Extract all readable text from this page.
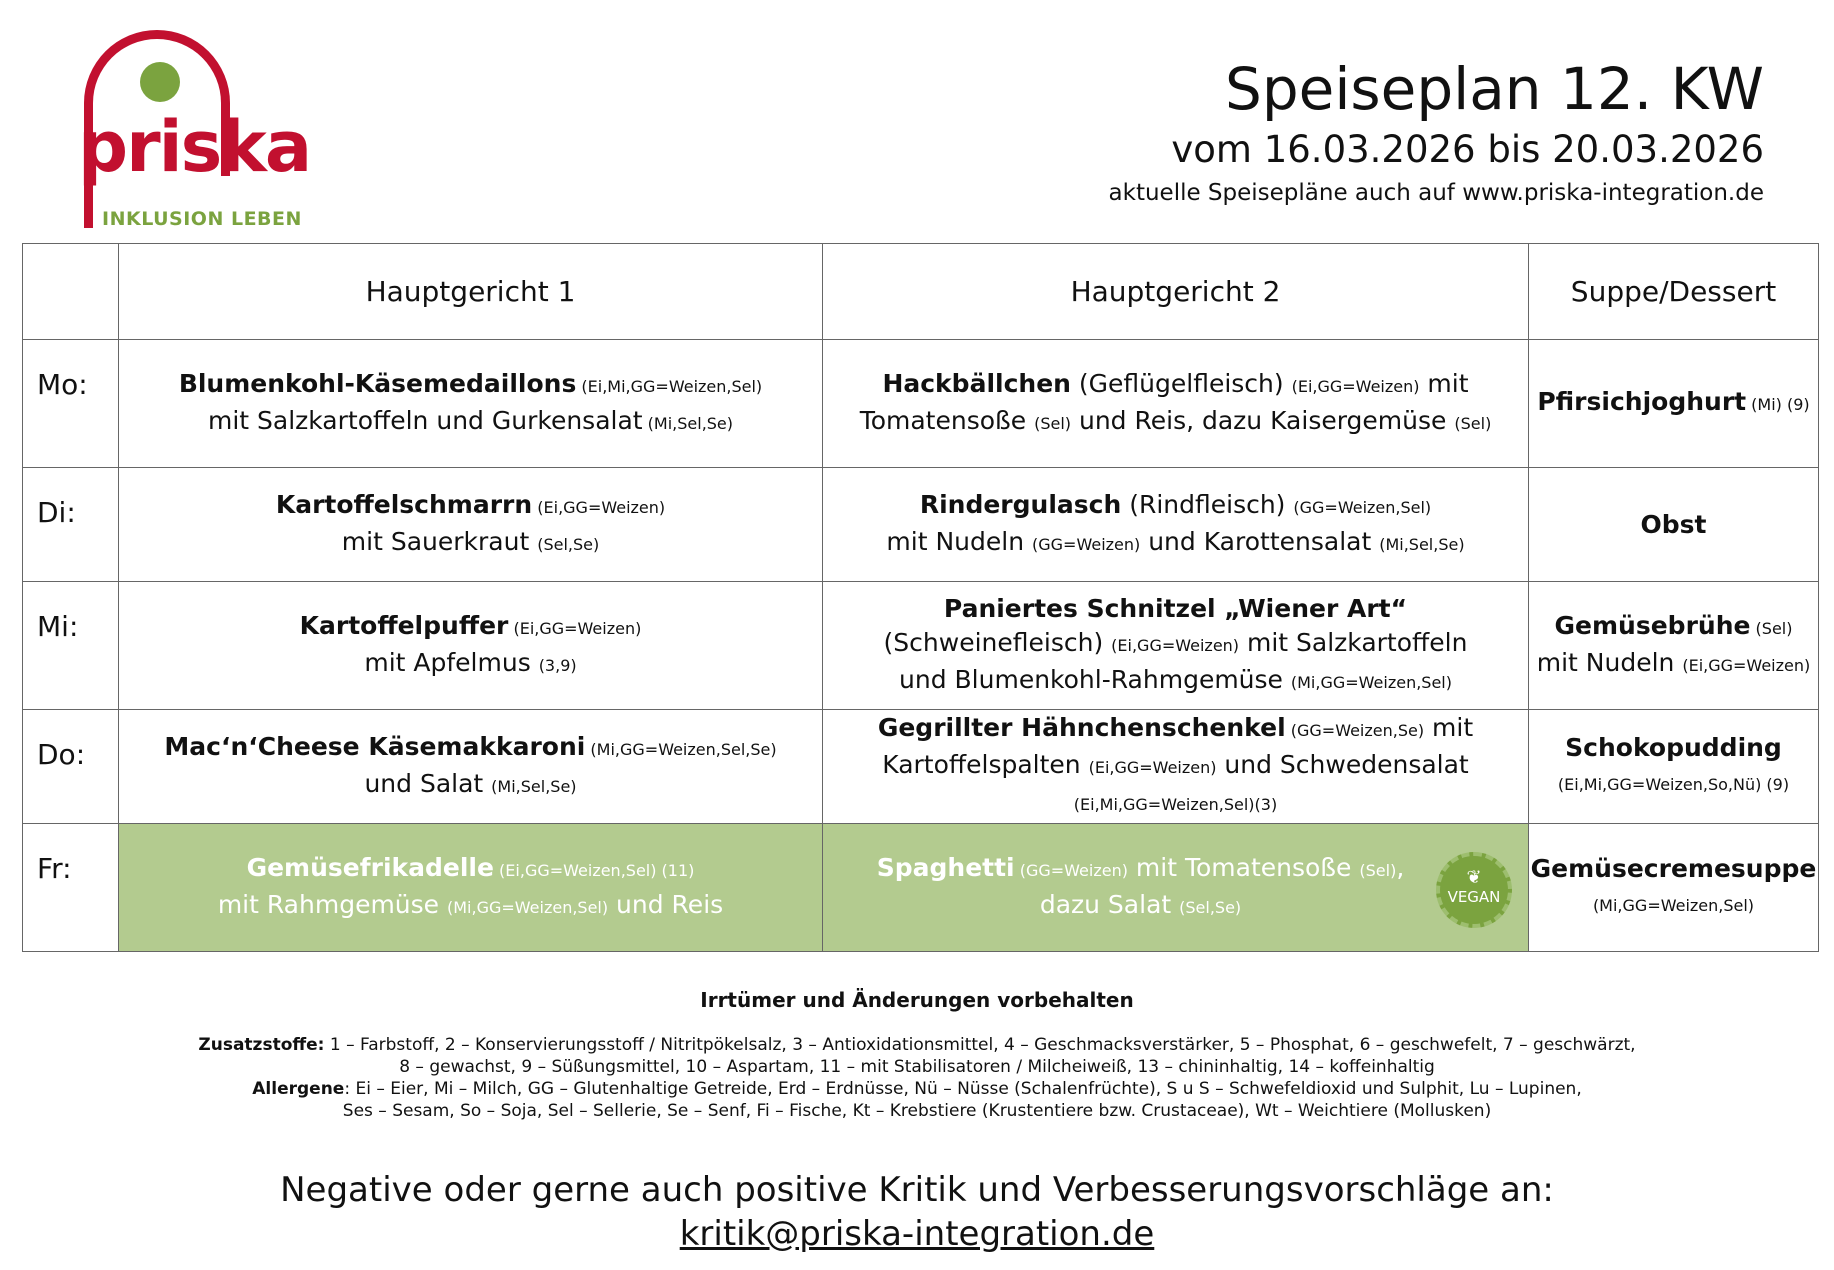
priska
INKLUSION LEBEN
Speiseplan 12. KW
vom 16.03.2026 bis 20.03.2026
aktuelle Speisepläne auch auf www.priska-integration.de
	Hauptgericht 1	Hauptgericht 2	Suppe/Dessert
Mo:	Blumenkohl-Käsemedaillons (Ei,Mi,GG=Weizen,Sel)
mit Salzkartoffeln und Gurkensalat (Mi,Sel,Se)	Hackbällchen (Geflügelfleisch) (Ei,GG=Weizen) mit
Tomatensoße (Sel) und Reis, dazu Kaisergemüse (Sel)	Pfirsichjoghurt (Mi) (9)
Di:	Kartoffelschmarrn (Ei,GG=Weizen)
mit Sauerkraut (Sel,Se)	Rindergulasch (Rindfleisch) (GG=Weizen,Sel)
mit Nudeln (GG=Weizen) und Karottensalat (Mi,Sel,Se)	Obst
Mi:	Kartoffelpuffer (Ei,GG=Weizen)
mit Apfelmus (3,9)	Paniertes Schnitzel „Wiener Art“
(Schweinefleisch) (Ei,GG=Weizen) mit Salzkartoffeln
und Blumenkohl-Rahmgemüse (Mi,GG=Weizen,Sel)	Gemüsebrühe (Sel)
mit Nudeln (Ei,GG=Weizen)
Do:	Mac‘n‘Cheese Käsemakkaroni (Mi,GG=Weizen,Sel,Se)
und Salat (Mi,Sel,Se)	Gegrillter Hähnchenschenkel (GG=Weizen,Se) mit
Kartoffelspalten (Ei,GG=Weizen) und Schwedensalat
(Ei,Mi,GG=Weizen,Sel)(3)	Schokopudding
(Ei,Mi,GG=Weizen,So,Nü) (9)
Fr:	Gemüsefrikadelle (Ei,GG=Weizen,Sel) (11)
mit Rahmgemüse (Mi,GG=Weizen,Sel) und Reis	Spaghetti (GG=Weizen) mit Tomatensoße (Sel),
dazu Salat (Sel,Se)
❦
VEGAN	Gemüsecremesuppe
(Mi,GG=Weizen,Sel)
Irrtümer und Änderungen vorbehalten
Zusatzstoffe: 1 – Farbstoff, 2 – Konservierungsstoff / Nitritpökelsalz, 3 – Antioxidationsmittel, 4 – Geschmacksverstärker, 5 – Phosphat, 6 – geschwefelt, 7 – geschwärzt,
8 – gewachst, 9 – Süßungsmittel, 10 – Aspartam, 11 – mit Stabilisatoren / Milcheiweiß, 13 – chininhaltig, 14 – koffeinhaltig
Allergene: Ei – Eier, Mi – Milch, GG – Glutenhaltige Getreide, Erd – Erdnüsse, Nü – Nüsse (Schalenfrüchte), S u S – Schwefeldioxid und Sulphit, Lu – Lupinen,
Ses – Sesam, So – Soja, Sel – Sellerie, Se – Senf, Fi – Fische, Kt – Krebstiere (Krustentiere bzw. Crustaceae), Wt – Weichtiere (Mollusken)
Negative oder gerne auch positive Kritik und Verbesserungsvorschläge an:
kritik@priska-integration.de
